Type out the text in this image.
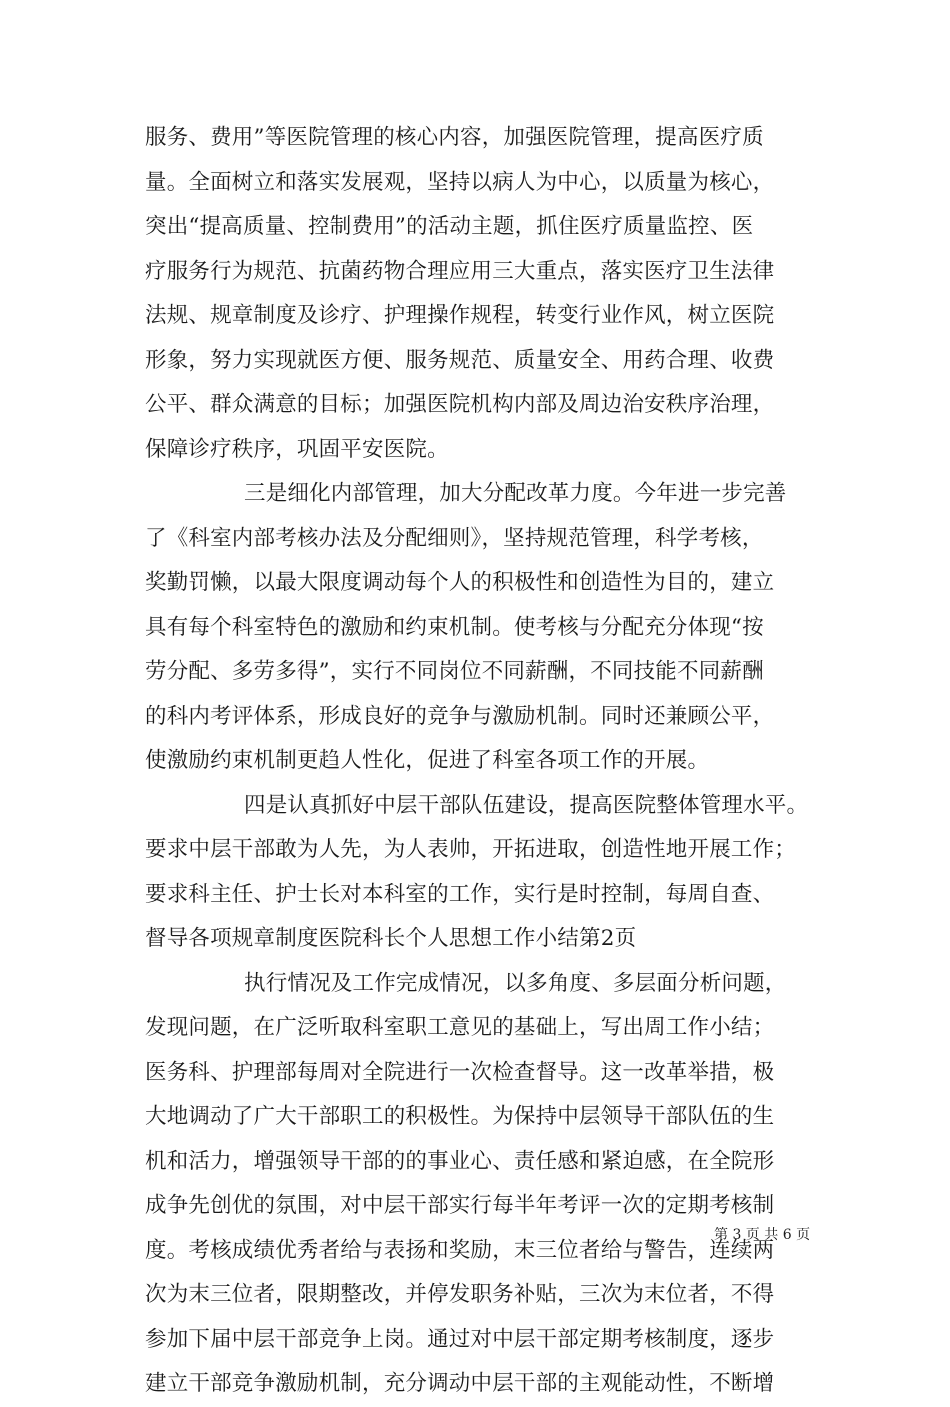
服务、费用”等医院管理的核心内容，加强医院管理，提高医疗质
量。全面树立和落实发展观，坚持以病人为中心，以质量为核心，
突出“提高质量、控制费用”的活动主题，抓住医疗质量监控、医
疗服务行为规范、抗菌药物合理应用三大重点，落实医疗卫生法律
法规、规章制度及诊疗、护理操作规程，转变行业作风，树立医院
形象，努力实现就医方便、服务规范、质量安全、用药合理、收费
公平、群众满意的目标；加强医院机构内部及周边治安秩序治理，
保障诊疗秩序，巩固平安医院。
三是细化内部管理，加大分配改革力度。今年进一步完善
了《科室内部考核办法及分配细则》，坚持规范管理，科学考核，
奖勤罚懒，以最大限度调动每个人的积极性和创造性为目的，建立
具有每个科室特色的激励和约束机制。使考核与分配充分体现“按
劳分配、多劳多得”，实行不同岗位不同薪酬，不同技能不同薪酬
的科内考评体系，形成良好的竞争与激励机制。同时还兼顾公平，
使激励约束机制更趋人性化，促进了科室各项工作的开展。
四是认真抓好中层干部队伍建设，提高医院整体管理水平。
要求中层干部敢为人先，为人表帅，开拓进取，创造性地开展工作；
要求科主任、护士长对本科室的工作，实行是时控制，每周自查、
督导各项规章制度医院科长个人思想工作小结第2页
执行情况及工作完成情况，以多角度、多层面分析问题，
发现问题，在广泛听取科室职工意见的基础上，写出周工作小结；
医务科、护理部每周对全院进行一次检查督导。这一改革举措，极
大地调动了广大干部职工的积极性。为保持中层领导干部队伍的生
机和活力，增强领导干部的的事业心、责任感和紧迫感，在全院形
成争先创优的氛围，对中层干部实行每半年考评一次的定期考核制
度。考核成绩优秀者给与表扬和奖励，末三位者给与警告，连续两
次为末三位者，限期整改，并停发职务补贴，三次为末位者，不得
参加下届中层干部竞争上岗。通过对中层干部定期考核制度，逐步
建立干部竞争激励机制，充分调动中层干部的主观能动性，不断增
第 3 页 共 6 页
